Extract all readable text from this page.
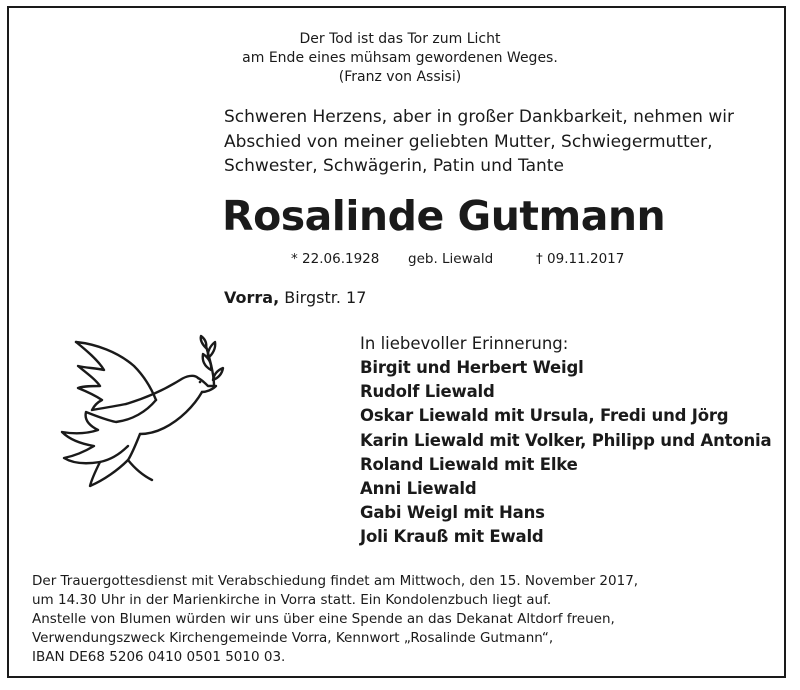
Der Tod ist das Tor zum Licht
am Ende eines mühsam gewordenen Weges.
(Franz von Assisi)
Schweren Herzens, aber in großer Dankbarkeit, nehmen wir
Abschied von meiner geliebten Mutter, Schwiegermutter,
Schwester, Schwägerin, Patin und Tante
Rosalinde Gutmann
* 22.06.1928 geb. Liewald	† 09.11.2017
Vorra, Birgstr. 17
In liebevoller Erinnerung:
Birgit und Herbert Weigl
Rudolf Liewald
Oskar Liewald mit Ursula, Fredi und Jörg
Karin Liewald mit Volker, Philipp und Antonia
Roland Liewald mit Elke
Anni Liewald
Gabi Weigl mit Hans
Joli Krauß mit Ewald
Der Trauergottesdienst mit Verabschiedung findet am Mittwoch, den 15. November 2017,
um 14.30 Uhr in der Marienkirche in Vorra statt. Ein Kondolenzbuch liegt auf.
Anstelle von Blumen würden wir uns über eine Spende an das Dekanat Altdorf freuen,
Verwendungszweck Kirchengemeinde Vorra, Kennwort „Rosalinde Gutmann“,
IBAN DE68 5206 0410 0501 5010 03.
